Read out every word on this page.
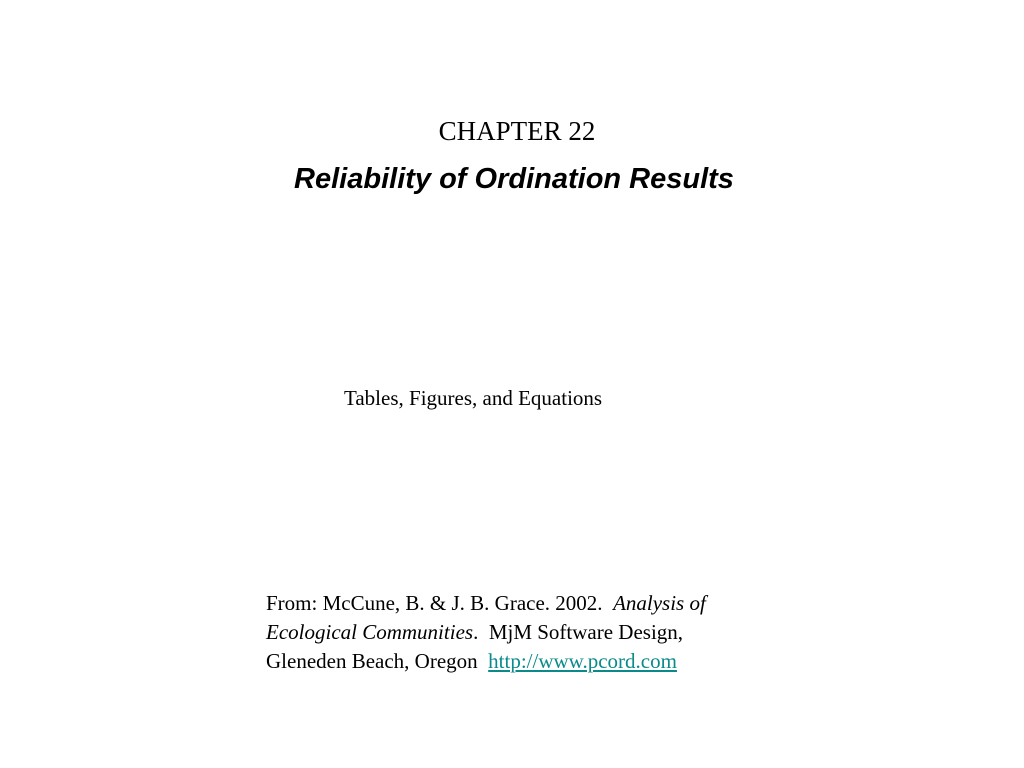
CHAPTER 22
Reliability of Ordination Results
Tables, Figures, and Equations
From: McCune, B. & J. B. Grace. 2002.  Analysis of
Ecological Communities.  MjM Software Design,
Gleneden Beach, Oregon  http://www.pcord.com
